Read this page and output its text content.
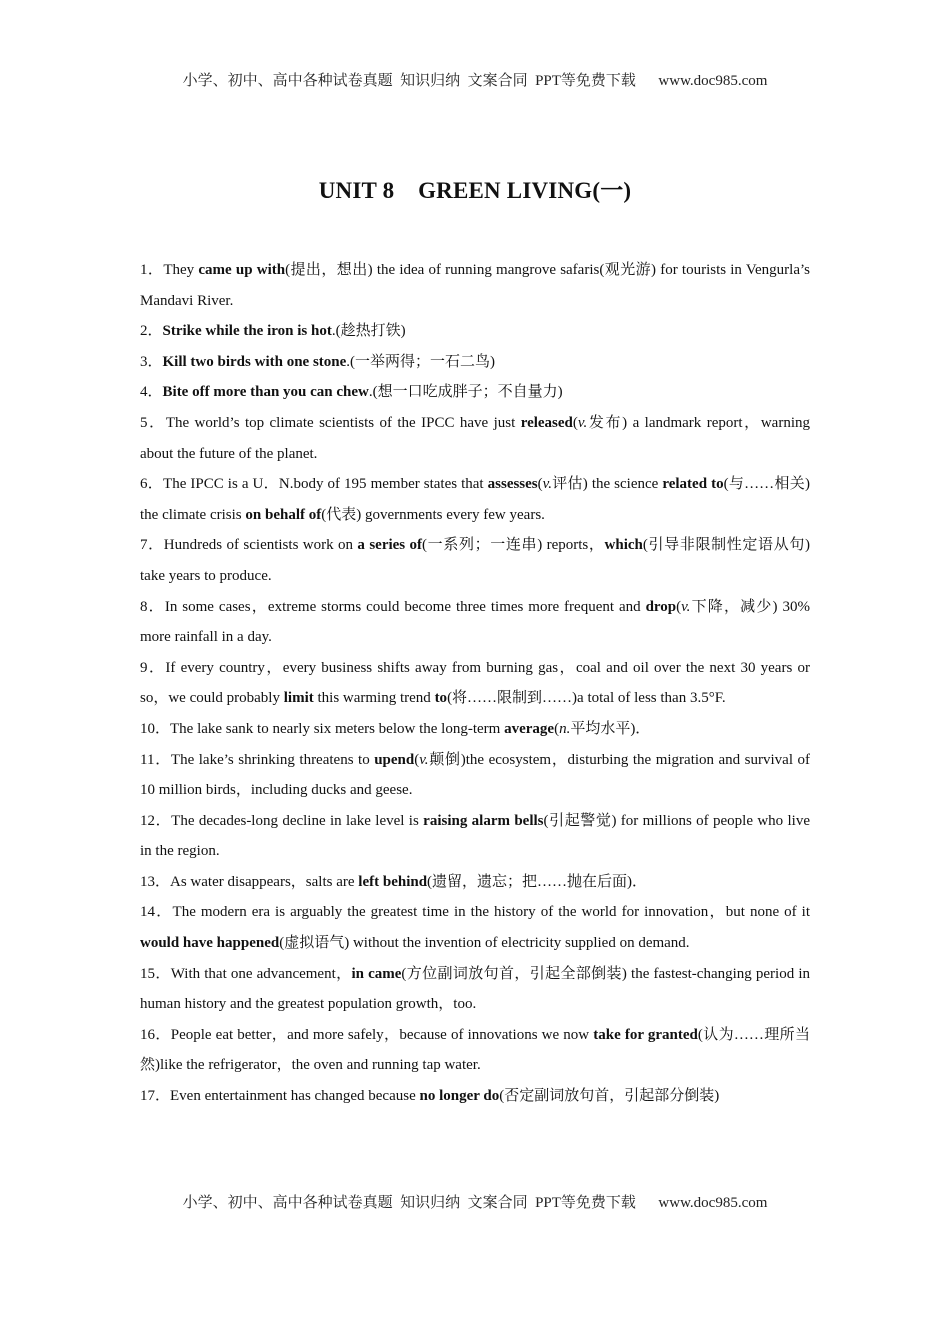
小学、初中、高中各种试卷真题  知识归纳  文案合同  PPT等免费下载      www.doc985.com
UNIT 8    GREEN LIVING(一)

1．They came up with(提出，想出) the idea of running mangrove safaris(观光游) for tourists in Vengurla’s Mandavi River.

2．Strike while the iron is hot.(趁热打铁)

3．Kill two birds with one stone.(一举两得；一石二鸟)

4．Bite off more than you can chew.(想一口吃成胖子；不自量力)

5．The world’s top climate scientists of the IPCC have just released(v.发布) a landmark report，warning about the future of the planet.

6．The IPCC is a U．N.body of 195 member states that assesses(v.评估) the science related to(与……相关) the climate crisis on behalf of(代表) governments every few years.

7．Hundreds of scientists work on a series of(一系列；一连串) reports，which(引导非限制性定语从句) take years to produce.

8．In some cases，extreme storms could become three times more frequent and drop(v.下降，减少) 30% more rainfall in a day.

9．If every country，every business shifts away from burning gas，coal and oil over the next 30 years or so，we could probably limit this warming trend to(将……限制到……)a total of less than 3.5°F.

10．The lake sank to nearly six meters below the long-term average(n.平均水平)．

11．The lake’s shrinking threatens to upend(v.颠倒)the ecosystem，disturbing the migration and survival of 10 million birds，including ducks and geese.

12．The decades-long decline in lake level is raising alarm bells(引起警觉) for millions of people who live in the region.

13．As water disappears，salts are left behind(遗留，遗忘；把……抛在后面)．

14．The modern era is arguably the greatest time in the history of the world for innovation，but none of it would have happened(虚拟语气) without the invention of electricity supplied on demand.

15．With that one advancement，in came(方位副词放句首，引起全部倒装) the fastest-changing period in human history and the greatest population growth，too.

16．People eat better，and more safely，because of innovations we now take for granted(认为……理所当然)like the refrigerator，the oven and running tap water.

17．Even entertainment has changed because no longer do(否定副词放句首，引起部分倒装)

小学、初中、高中各种试卷真题  知识归纳  文案合同  PPT等免费下载      www.doc985.com
